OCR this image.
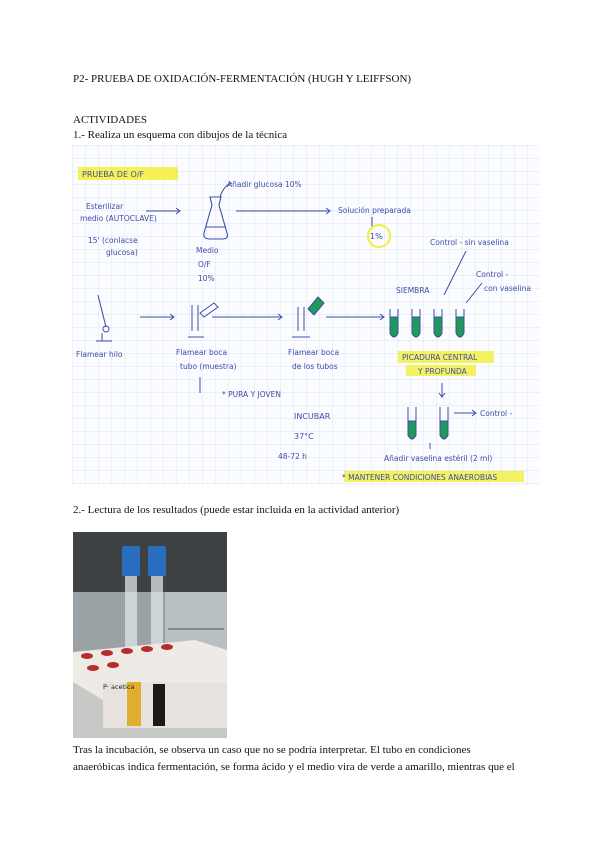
P2- PRUEBA DE OXIDACIÓN-FERMENTACIÓN (HUGH Y LEIFFSON)
ACTIVIDADES
1.- Realiza un esquema con dibujos de la técnica
PRUEBA DE O/F
Añadir glucosa 10%
Esterilizar
medio (AUTOCLAVE)
15' (conlacse
glucosa)	Medio
O/F
10%
Solución preparada
1%
Control - sin vaselina
Control -
con vaselina
SIEMBRA
Flamear hilo	Flamear boca
tubo (muestra)
* PURA Y JOVEN
Flamear boca
de los tubos
PICADURA CENTRAL
Y PROFUNDA
Control -
INCUBAR
37°C
48-72 h	Añadir vaselina estéril (2 ml)
* MANTENER CONDICIONES ANAEROBIAS
2.- Lectura de los resultados (puede estar incluida en la actividad anterior)
P· acetica
Tras la incubación, se observa un caso que no se podría interpretar. El tubo en condiciones
anaeróbicas indica fermentación, se forma ácido y el medio vira de verde a amarillo, mientras que el
